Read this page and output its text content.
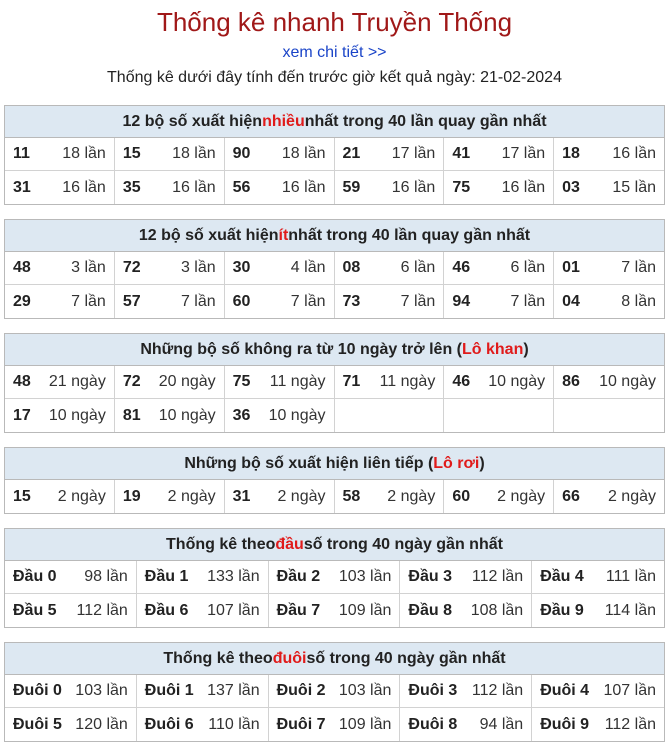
Thống kê nhanh Truyền Thống
xem chi tiết >>
Thống kê dưới đây tính đến trước giờ kết quả ngày: 21-02-2024
12 bộ số xuất hiện nhiều nhất trong 40 lần quay gần nhất
11 18 lần 15 18 lần 90 18 lần 21 17 lần 41 17 lần 18 16 lần
31 16 lần 35 16 lần 56 16 lần 59 16 lần 75 16 lần 03 15 lần
12 bộ số xuất hiện ít nhất trong 40 lần quay gần nhất
48	3 lần 72	3 lần 30	4 lần 08	6 lần 46	6 lần 01	7 lần
29	7 lần 57	7 lần 60	7 lần 73	7 lần 94	7 lần 04	8 lần
Những bộ số không ra từ 10 ngày trở lên ( Lô khan )
48 21 ngày 72 20 ngày 75 11 ngày 71 11 ngày 46 10 ngày 86 10 ngày
17 10 ngày 81 10 ngày 36 10 ngày
Những bộ số xuất hiện liên tiếp ( Lô rơi )
15 2 ngày 19 2 ngày 31 2 ngày 58 2 ngày 60 2 ngày 66 2 ngày
Thống kê theo đầu số trong 40 ngày gần nhất
Đầu 0 98 lần Đầu 1 133 lần Đầu 2 103 lần Đầu 3 112 lần Đầu 4 111 lần
Đầu 5 112 lần Đầu 6 107 lần Đầu 7 109 lần Đầu 8 108 lần Đầu 9 114 lần
Thống kê theo đuôi số trong 40 ngày gần nhất
Đuôi 0 103 lần Đuôi 1 137 lần Đuôi 2 103 lần Đuôi 3 112 lần Đuôi 4 107 lần
Đuôi 5 120 lần Đuôi 6 110 lần Đuôi 7 109 lần Đuôi 8 94 lần Đuôi 9 112 lần
